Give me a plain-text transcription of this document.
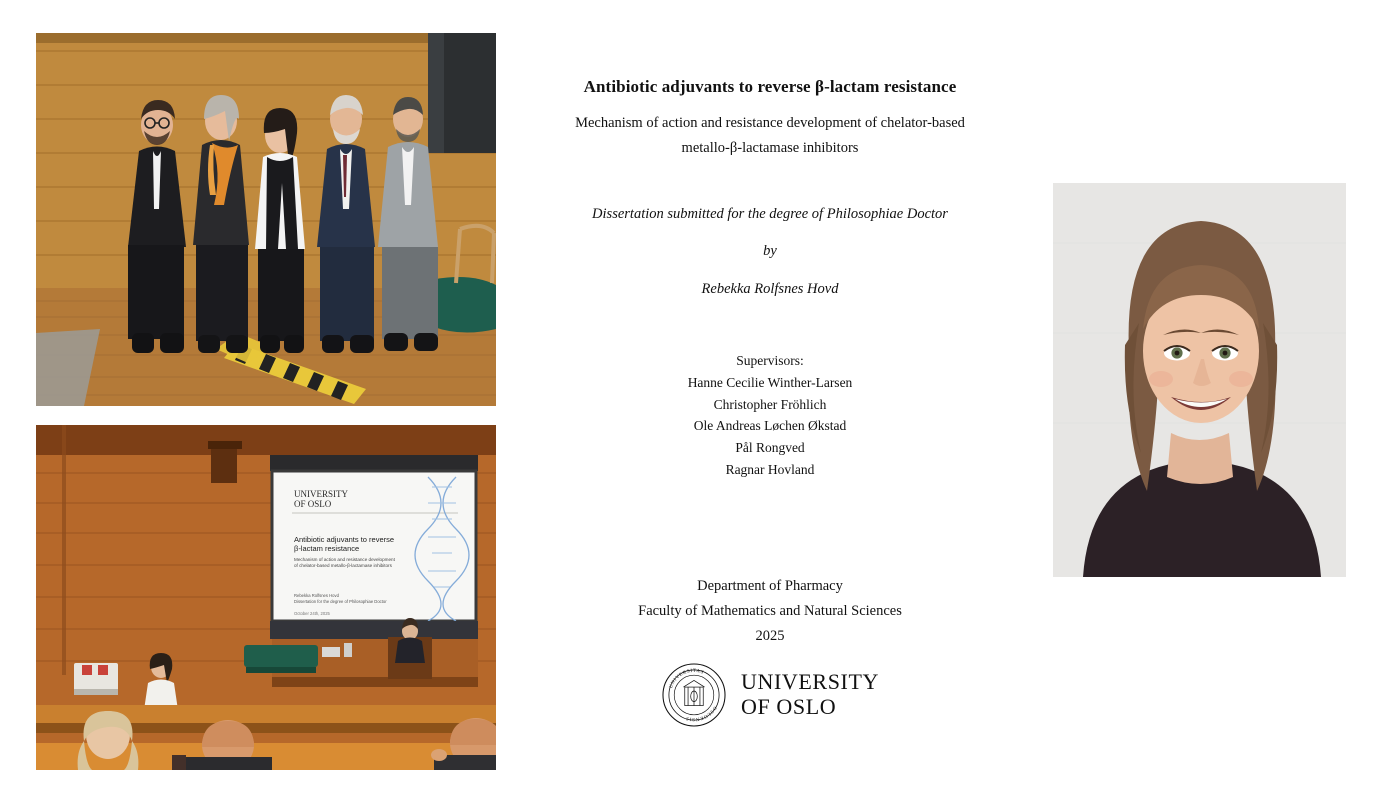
UNIVERSITY
OF OSLO
Antibiotic adjuvants to reverse
β-lactam resistance
Mechanism of action and resistance development
of chelator-based metallo-β-lactamase inhibitors
Rebekka Rolfsnes Hovd
Dissertation for the degree of Philosophiae Doctor
October 24th, 2025
Antibiotic adjuvants to reverse β-lactam resistance
Mechanism of action and resistance development of chelator-based
metallo-β-lactamase inhibitors
Dissertation submitted for the degree of Philosophiae Doctor
by
Rebekka Rolfsnes Hovd
Supervisors:
Hanne Cecilie Winther-Larsen
Christopher Fröhlich
Ole Andreas Løchen Økstad
Pål Rongved
Ragnar Hovland
Department of Pharmacy
Faculty of Mathematics and Natural Sciences
2025
UNIVERSITAS
OSLOENSIS
UNIVERSITY
OF OSLO
